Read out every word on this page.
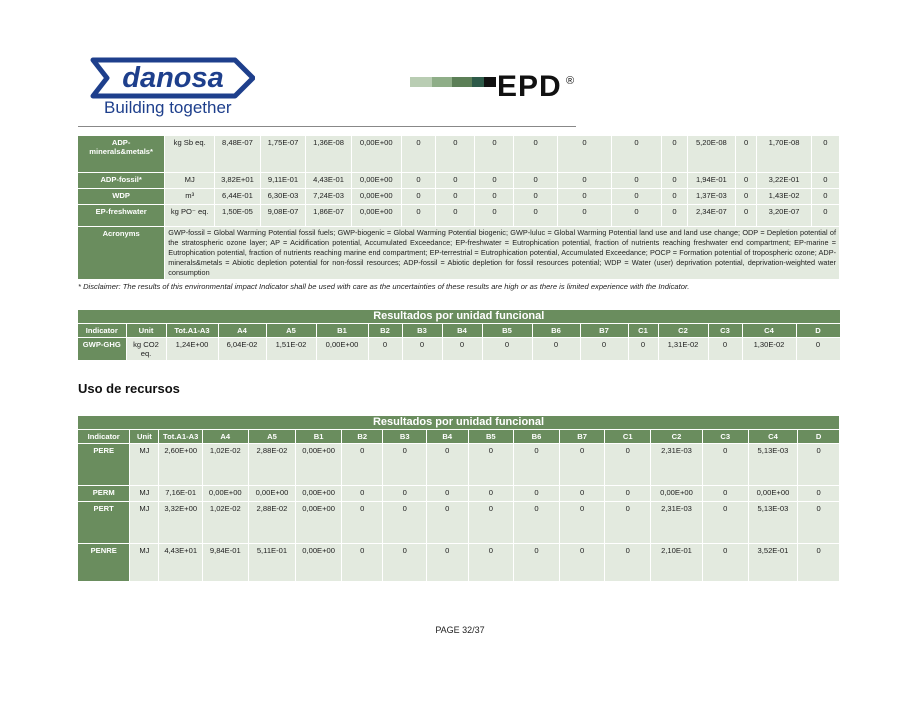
danosa
Building together
EPD ®
ADP-minerals&metals*	kg Sb eq.	8,48E-07	1,75E-07	1,36E-08	0,00E+00	0	0	0	0	0	0	0	5,20E-08	0	1,70E-08	0
ADP-fossil*	MJ	3,82E+01	9,11E-01	4,43E-01	0,00E+00	0	0	0	0	0	0	0	1,94E-01	0	3,22E-01	0
WDP	m³	6,44E-01	6,30E-03	7,24E-03	0,00E+00	0	0	0	0	0	0	0	1,37E-03	0	1,43E-02	0
EP-freshwater	kg PO⁻ eq.	1,50E-05	9,08E-07	1,86E-07	0,00E+00	0	0	0	0	0	0	0	2,34E-07	0	3,20E-07	0
Acronyms	GWP-fossil = Global Warming Potential fossil fuels; GWP-biogenic = Global Warming Potential biogenic; GWP-luluc = Global Warming Potential land use and land use change; ODP = Depletion potential of the stratospheric ozone layer; AP = Acidification potential, Accumulated Exceedance; EP-freshwater = Eutrophication potential, fraction of nutrients reaching freshwater end compartment; EP-marine = Eutrophication potential, fraction of nutrients reaching marine end compartment; EP-terrestrial = Eutrophication potential, Accumulated Exceedance; POCP = Formation potential of tropospheric ozone; ADP-minerals&metals = Abiotic depletion potential for non-fossil resources; ADP-fossil = Abiotic depletion for fossil resources potential; WDP = Water (user) deprivation potential, deprivation-weighted water consumption															
* Disclaimer: The results of this environmental impact Indicator shall be used with care as the uncertainties of these results are high or as there is limited experience with the Indicator.
Resultados por unidad funcional																
Indicator	Unit	Tot.A1-A3	A4	A5	B1	B2	B3	B4	B5	B6	B7	C1	C2	C3	C4	D
GWP-GHG	kg CO2 eq.	1,24E+00	6,04E-02	1,51E-02	0,00E+00	0	0	0	0	0	0	0	1,31E-02	0	1,30E-02	0
Uso de recursos
Resultados por unidad funcional																
Indicator	Unit	Tot.A1-A3	A4	A5	B1	B2	B3	B4	B5	B6	B7	C1	C2	C3	C4	D
PERE	MJ	2,60E+00	1,02E-02	2,88E-02	0,00E+00	0	0	0	0	0	0	0	2,31E-03	0	5,13E-03	0
PERM	MJ	7,16E-01	0,00E+00	0,00E+00	0,00E+00	0	0	0	0	0	0	0	0,00E+00	0	0,00E+00	0
PERT	MJ	3,32E+00	1,02E-02	2,88E-02	0,00E+00	0	0	0	0	0	0	0	2,31E-03	0	5,13E-03	0
PENRE	MJ	4,43E+01	9,84E-01	5,11E-01	0,00E+00	0	0	0	0	0	0	0	2,10E-01	0	3,52E-01	0
PAGE 32/37
